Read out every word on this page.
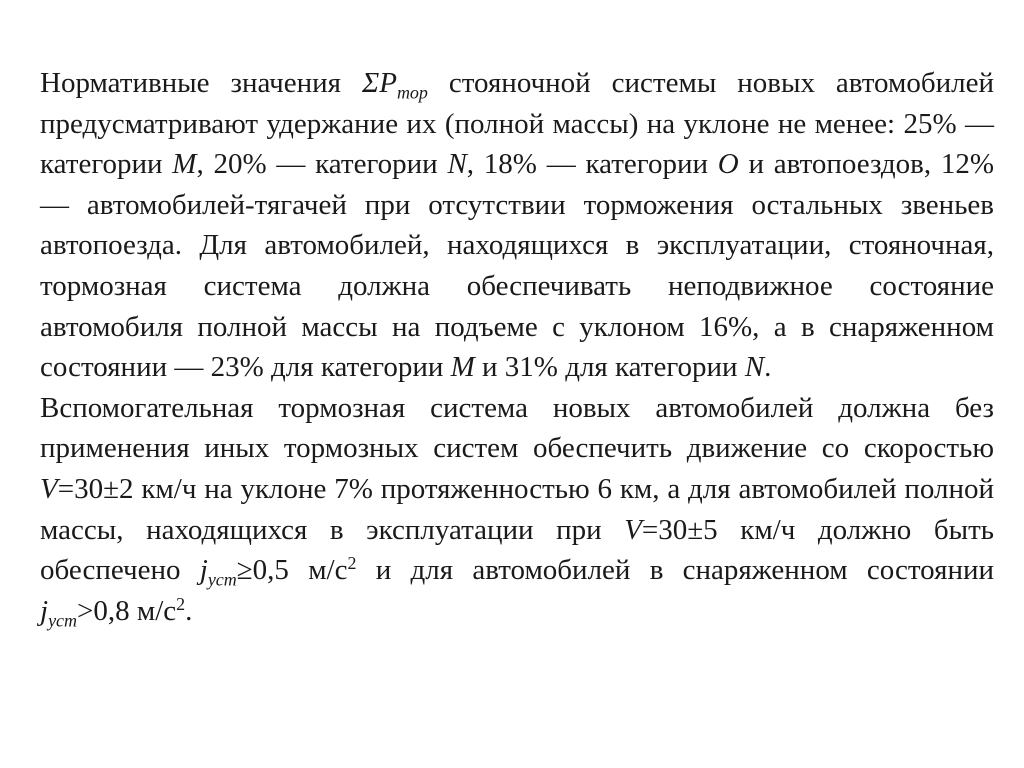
Нормативные значения $\Sigma P_{тор}$ стояночной системы новых автомобилей предусматривают удержание их (полной массы) на уклоне не менее: 25% — категории M, 20% — категории N, 18% — категории O и автопоездов, 12% — автомобилей-тягачей при отсутствии торможения остальных звеньев автопоезда. Для автомобилей, находящихся в эксплуатации, стояночная, тормозная система должна обеспечивать неподвижное состояние автомобиля полной массы на подъеме с уклоном 16%, а в снаряженном состоянии — 23% для категории M и 31% для категории N.

Вспомогательная тормозная система новых автомобилей должна без применения иных тормозных систем обеспечить движение со скоростью V=30±2 км/ч на уклоне 7% протяженностью 6 км, а для автомобилей полной массы, находящихся в эксплуатации при V=30±5 км/ч должно быть обеспечено $j_{уст}\ge 0,5$ $м/с^2$ и для автомобилей в снаряженном состоянии $j_{уст}>0,8$ $м/с^2$.
